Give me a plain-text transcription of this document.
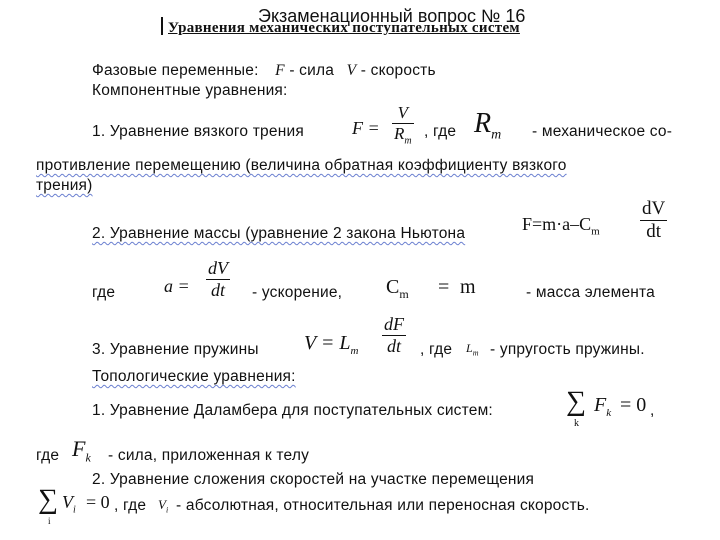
Экзаменационный вопрос № 16
Уравнения механических поступательных систем
Фазовые переменные: F - сила V - скорость
Компонентные уравнения:
1. Уравнение вязкого трения	$F = \frac{V}{R_m}$ , где $R_m$ - механическое со-
противление перемещению (величина обратная коэффициенту вязкого
трения)
2. Уравнение массы (уравнение 2 закона Ньютона	$F=m\cdot a-C_m \frac{dV}{dt}$
где	$a = \frac{dV}{dt}$ - ускорение, $C_m = m$	- масса элемента
3. Уравнение пружины $V = L_m \frac{dF}{dt}$ , где $L_m$ - упругость пружины.
Топологические уравнения:
1. Уравнение Даламбера для поступательных систем:	∑
k
$F_k = 0$ ,
где $F_k$ - сила, приложенная к телу
2. Уравнение сложения скоростей на участке перемещения
∑
i
$V_i = 0$ , где $V_i$ - абсолютная, относительная или переносная скорость.
